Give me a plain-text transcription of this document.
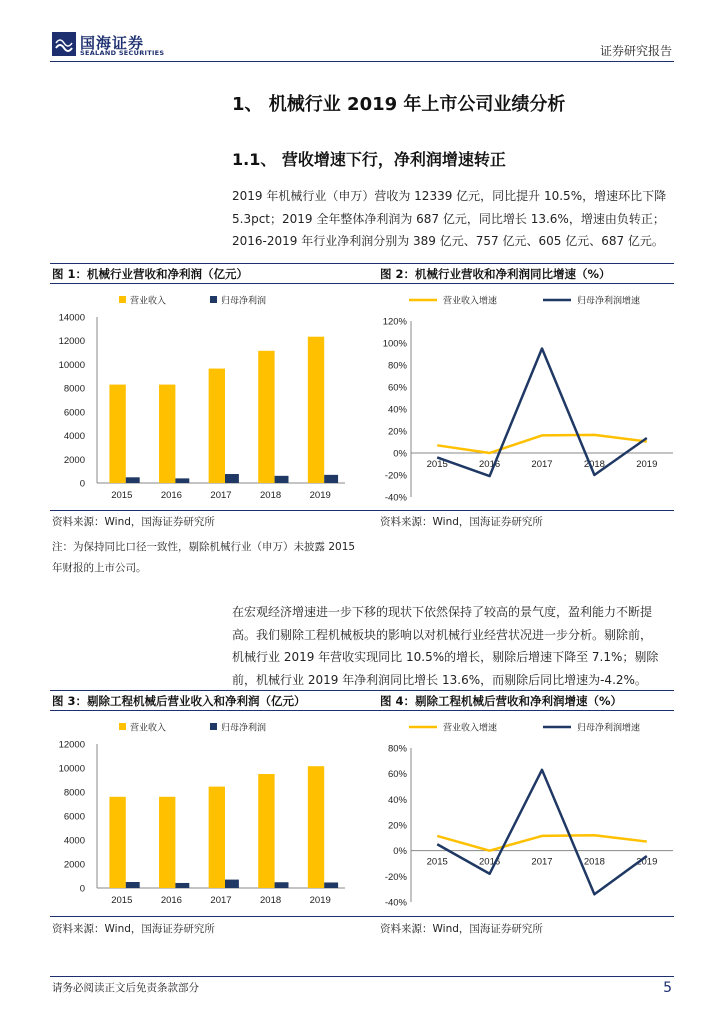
国海证券
SEALAND SECURITIES	证券研究报告
1、 机械行业 2019 年上市公司业绩分析
1.1、 营收增速下行，净利润增速转正
2019 年机械行业（申万）营收为 12339 亿元，同比提升 10.5%，增速环比下降
5.3pct；2019 全年整体净利润为 687 亿元，同比增长 13.6%，增速由负转正；
2016-2019 年行业净利润分别为 389 亿元、757 亿元、605 亿元、687 亿元。
图 1：机械行业营收和净利润（亿元）	图 2：机械行业营收和净利润同比增速（%）
0
2000
4000
6000
8000
10000
12000
14000
2015	2016	2017	2018	2019
营业收入	归母净利润
-40%
-20%
0%
20%
40%
60%
80%
100%
120%
2015	2016	2017	2018	2019
营业收入增速	归母净利润增速
资料来源：Wind，国海证券研究所	资料来源：Wind，国海证券研究所
注：为保持同比口径一致性，剔除机械行业（申万）未披露 2015
年财报的上市公司。
在宏观经济增速进一步下移的现状下依然保持了较高的景气度，盈利能力不断提
高。我们剔除工程机械板块的影响以对机械行业经营状况进一步分析。剔除前，
机械行业 2019 年营收实现同比 10.5%的增长，剔除后增速下降至 7.1%；剔除
前，机械行业 2019 年净利润同比增长 13.6%，而剔除后同比增速为-4.2%。
图 3：剔除工程机械后营业收入和净利润（亿元）	图 4：剔除工程机械后营收和净利润增速（%）
0
2000
4000
6000
8000
10000
12000
2015	2016	2017	2018	2019
营业收入	归母净利润
-40%
-20%
0%
20%
40%
60%
80%
2015	2016	2017	2018	2019
营业收入增速	归母净利润增速
资料来源：Wind，国海证券研究所	资料来源：Wind，国海证券研究所
请务必阅读正文后免责条款部分	5
